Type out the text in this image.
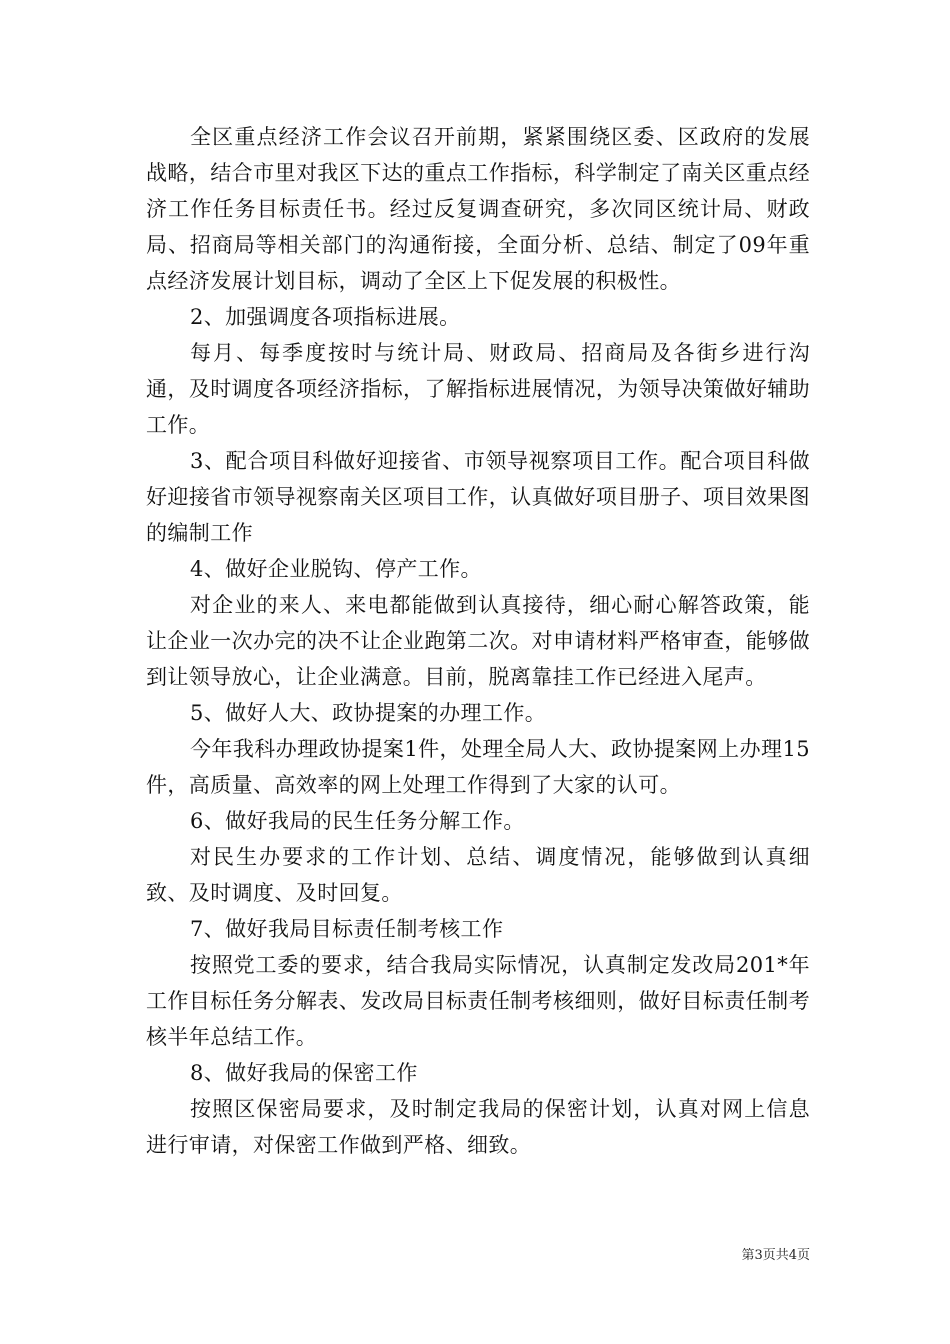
全区重点经济工作会议召开前期，紧紧围绕区委、区政府的发展战略，结合市里对我区下达的重点工作指标，科学制定了南关区重点经济工作任务目标责任书。经过反复调查研究，多次同区统计局、财政局、招商局等相关部门的沟通衔接，全面分析、总结、制定了09年重点经济发展计划目标，调动了全区上下促发展的积极性。

2、加强调度各项指标进展。

每月、每季度按时与统计局、财政局、招商局及各街乡进行沟通，及时调度各项经济指标，了解指标进展情况，为领导决策做好辅助工作。

3、配合项目科做好迎接省、市领导视察项目工作。配合项目科做好迎接省市领导视察南关区项目工作，认真做好项目册子、项目效果图的编制工作

4、做好企业脱钩、停产工作。

对企业的来人、来电都能做到认真接待，细心耐心解答政策，能让企业一次办完的决不让企业跑第二次。对申请材料严格审查，能够做到让领导放心，让企业满意。目前，脱离靠挂工作已经进入尾声。

5、做好人大、政协提案的办理工作。

今年我科办理政协提案1件，处理全局人大、政协提案网上办理15件，高质量、高效率的网上处理工作得到了大家的认可。

6、做好我局的民生任务分解工作。

对民生办要求的工作计划、总结、调度情况，能够做到认真细致、及时调度、及时回复。

7、做好我局目标责任制考核工作

按照党工委的要求，结合我局实际情况，认真制定发改局201*年工作目标任务分解表、发改局目标责任制考核细则，做好目标责任制考核半年总结工作。

8、做好我局的保密工作

按照区保密局要求，及时制定我局的保密计划，认真对网上信息进行审请，对保密工作做到严格、细致。

第3页共4页
